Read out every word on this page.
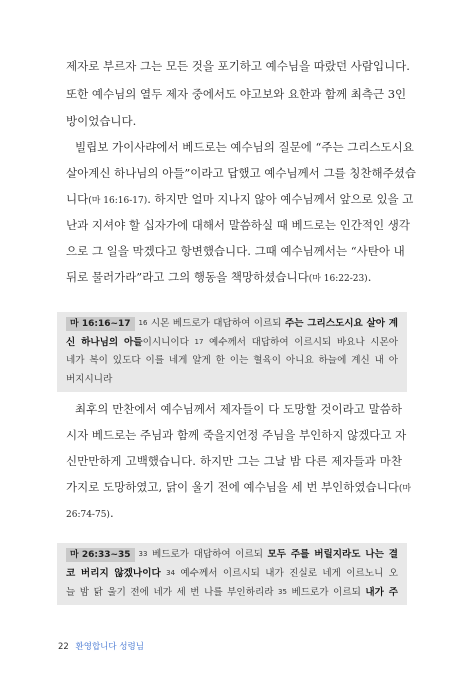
제자로 부르자 그는 모든 것을 포기하고 예수님을 따랐던 사람입니다.
또한 예수님의 열두 제자 중에서도 야고보와 요한과 함께 최측근 3인
방이었습니다.
빌립보 가이사랴에서 베드로는 예수님의 질문에 “주는 그리스도시요
살아계신 하나님의 아들”이라고 답했고 예수님께서 그를 칭찬해주셨습
니다(마 16:16-17). 하지만 얼마 지나지 않아 예수님께서 앞으로 있을 고
난과 지셔야 할 십자가에 대해서 말씀하실 때 베드로는 인간적인 생각
으로 그 일을 막겠다고 항변했습니다. 그때 예수님께서는 “사탄아 내
뒤로 물러가라”라고 그의 행동을 책망하셨습니다(마 16:22-23).
마 16:16~17 16 시몬 베드로가 대답하여 이르되 주는 그리스도시요 살아 계
신 하나님의 아들이시니이다 17 예수께서 대답하여 이르시되 바요나 시몬아
네가 복이 있도다 이를 네게 알게 한 이는 혈육이 아니요 하늘에 계신 내 아
버지시니라
최후의 만찬에서 예수님께서 제자들이 다 도망할 것이라고 말씀하
시자 베드로는 주님과 함께 죽을지언정 주님을 부인하지 않겠다고 자
신만만하게 고백했습니다. 하지만 그는 그날 밤 다른 제자들과 마찬
가지로 도망하였고, 닭이 울기 전에 예수님을 세 번 부인하였습니다(마
26:74-75).
마 26:33~35 33 베드로가 대답하여 이르되 모두 주를 버릴지라도 나는 결
코 버리지 않겠나이다 34 예수께서 이르시되 내가 진실로 네게 이르노니 오
늘 밤 닭 울기 전에 네가 세 번 나를 부인하리라 35 베드로가 이르되 내가 주
22 환영합니다 성령님
